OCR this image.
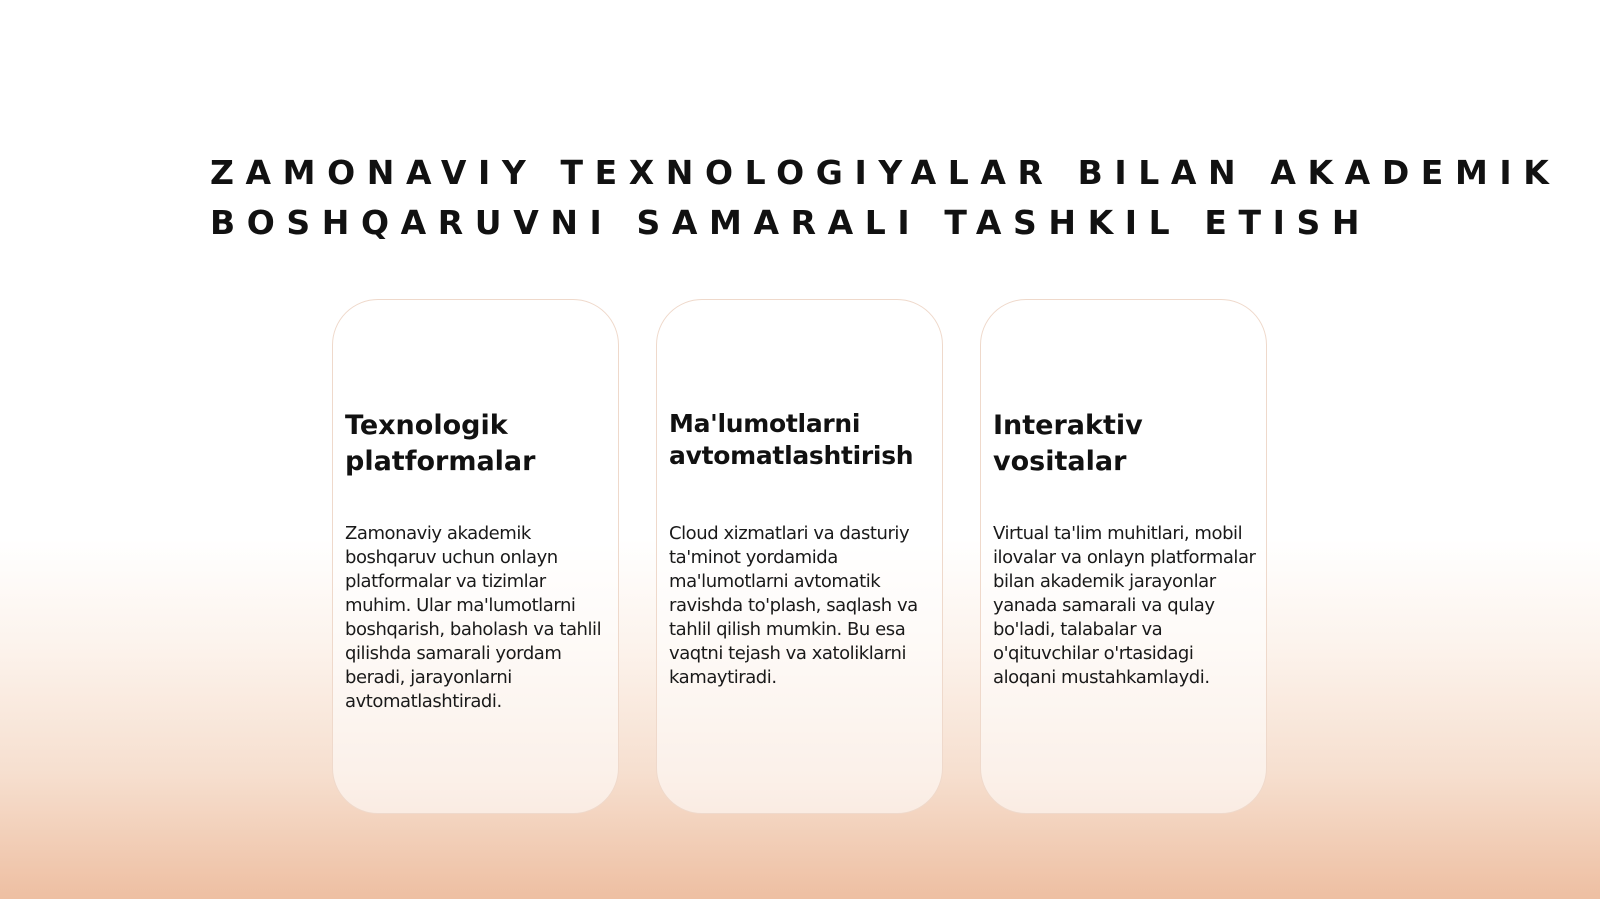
ZAMONAVIY TEXNOLOGIYALAR BILAN AKADEMIK
BOSHQARUVNI SAMARALI TASHKIL ETISH
Texnologik platformalar

Zamonaviy akademik boshqaruv uchun onlayn platformalar va tizimlar muhim. Ular ma'lumotlarni boshqarish, baholash va tahlil qilishda samarali yordam beradi, jarayonlarni avtomatlashtiradi.

Ma'lumotlarni avtomatlashtirish

Cloud xizmatlari va dasturiy ta'minot yordamida ma'lumotlarni avtomatik ravishda to'plash, saqlash va tahlil qilish mumkin. Bu esa vaqtni tejash va xatoliklarni kamaytiradi.

Interaktiv vositalar

Virtual ta'lim muhitlari, mobil ilovalar va onlayn platformalar bilan akademik jarayonlar yanada samarali va qulay bo'ladi, talabalar va o'qituvchilar o'rtasidagi aloqani mustahkamlaydi.
